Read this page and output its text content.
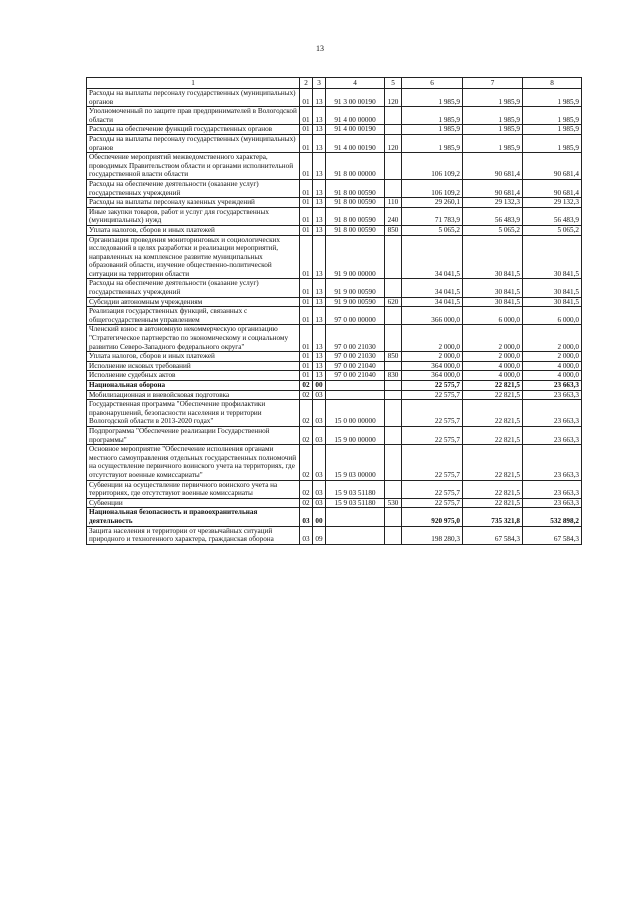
13
1	2	3	4	5	6	7	8
Расходы на выплаты персоналу государственных (муниципальных) органов	01	13	91 3 00 00190	120	1 985,9	1 985,9	1 985,9
Уполномоченный по защите прав предпринимателей в Вологодской области	01	13	91 4 00 00000		1 985,9	1 985,9	1 985,9
Расходы на обеспечение функций государственных органов	01	13	91 4 00 00190		1 985,9	1 985,9	1 985,9
Расходы на выплаты персоналу государственных (муниципальных) органов	01	13	91 4 00 00190	120	1 985,9	1 985,9	1 985,9
Обеспечение мероприятий межведомственного характера, проводимых Правительством области и органами исполнительной государственной власти области	01	13	91 8 00 00000		106 109,2	90 681,4	90 681,4
Расходы на обеспечение деятельности (оказание услуг) государственных учреждений	01	13	91 8 00 00590		106 109,2	90 681,4	90 681,4
Расходы на выплаты персоналу казенных учреждений	01	13	91 8 00 00590	110	29 260,1	29 132,3	29 132,3
Иные закупки товаров, работ и услуг для государственных (муниципальных) нужд	01	13	91 8 00 00590	240	71 783,9	56 483,9	56 483,9
Уплата налогов, сборов и иных платежей	01	13	91 8 00 00590	850	5 065,2	5 065,2	5 065,2
Организация проведения мониторинговых и социологических исследований в целях разработки и реализации мероприятий, направленных на комплексное развитие муниципальных образований области, изучение общественно-политической ситуации на территории области	01	13	91 9 00 00000		34 041,5	30 841,5	30 841,5
Расходы на обеспечение деятельности (оказание услуг) государственных учреждений	01	13	91 9 00 00590		34 041,5	30 841,5	30 841,5
Субсидии автономным учреждениям	01	13	91 9 00 00590	620	34 041,5	30 841,5	30 841,5
Реализация государственных функций, связанных с общегосударственным управлением	01	13	97 0 00 00000		366 000,0	6 000,0	6 000,0
Членский взнос в автономную некоммерческую организацию "Стратегическое партнерство по экономическому и социальному развитию Северо-Западного федерального округа"	01	13	97 0 00 21030		2 000,0	2 000,0	2 000,0
Уплата налогов, сборов и иных платежей	01	13	97 0 00 21030	850	2 000,0	2 000,0	2 000,0
Исполнение исковых требований	01	13	97 0 00 21040		364 000,0	4 000,0	4 000,0
Исполнение судебных актов	01	13	97 0 00 21040	830	364 000,0	4 000,0	4 000,0
Национальная оборона	02	00			22 575,7	22 821,5	23 663,3
Мобилизационная и вневойсковая подготовка	02	03			22 575,7	22 821,5	23 663,3
Государственная программа "Обеспечение профилактики правонарушений, безопасности населения и территории Вологодской области в 2013-2020 годах"	02	03	15 0 00 00000		22 575,7	22 821,5	23 663,3
Подпрограмма "Обеспечение реализации Государственной программы"	02	03	15 9 00 00000		22 575,7	22 821,5	23 663,3
Основное мероприятие "Обеспечение исполнения органами местного самоуправления отдельных государственных полномочий на осуществление первичного воинского учета на территориях, где отсутствуют военные комиссариаты"	02	03	15 9 03 00000		22 575,7	22 821,5	23 663,3
Субвенции на осуществление первичного воинского учета на территориях, где отсутствуют военные комиссариаты	02	03	15 9 03 51180		22 575,7	22 821,5	23 663,3
Субвенции	02	03	15 9 03 51180	530	22 575,7	22 821,5	23 663,3
Национальная безопасность и правоохранительная деятельность	03	00			920 975,0	735 321,8	532 898,2
Защита населения и территории от чрезвычайных ситуаций природного и техногенного характера, гражданская оборона	03	09			198 280,3	67 584,3	67 584,3
